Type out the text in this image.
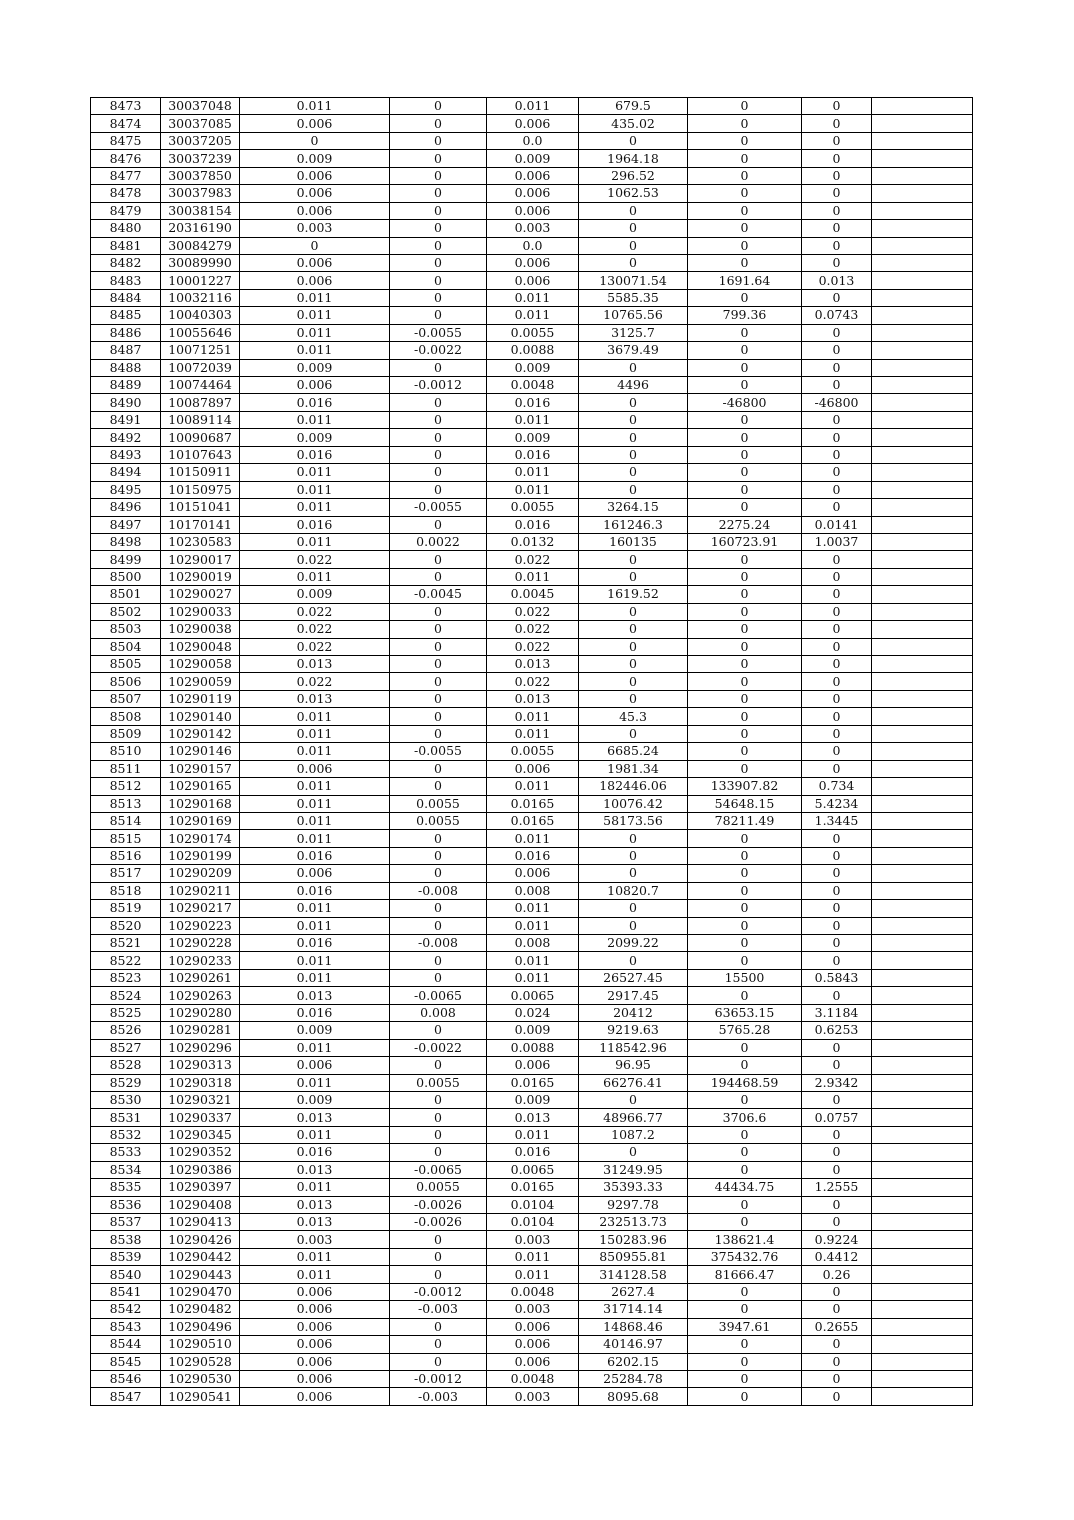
8473	30037048	0.011	0	0.011	679.5	0	0	
8474	30037085	0.006	0	0.006	435.02	0	0	
8475	30037205	0	0	0.0	0	0	0	
8476	30037239	0.009	0	0.009	1964.18	0	0	
8477	30037850	0.006	0	0.006	296.52	0	0	
8478	30037983	0.006	0	0.006	1062.53	0	0	
8479	30038154	0.006	0	0.006	0	0	0	
8480	20316190	0.003	0	0.003	0	0	0	
8481	30084279	0	0	0.0	0	0	0	
8482	30089990	0.006	0	0.006	0	0	0	
8483	10001227	0.006	0	0.006	130071.54	1691.64	0.013	
8484	10032116	0.011	0	0.011	5585.35	0	0	
8485	10040303	0.011	0	0.011	10765.56	799.36	0.0743	
8486	10055646	0.011	-0.0055	0.0055	3125.7	0	0	
8487	10071251	0.011	-0.0022	0.0088	3679.49	0	0	
8488	10072039	0.009	0	0.009	0	0	0	
8489	10074464	0.006	-0.0012	0.0048	4496	0	0	
8490	10087897	0.016	0	0.016	0	-46800	-46800	
8491	10089114	0.011	0	0.011	0	0	0	
8492	10090687	0.009	0	0.009	0	0	0	
8493	10107643	0.016	0	0.016	0	0	0	
8494	10150911	0.011	0	0.011	0	0	0	
8495	10150975	0.011	0	0.011	0	0	0	
8496	10151041	0.011	-0.0055	0.0055	3264.15	0	0	
8497	10170141	0.016	0	0.016	161246.3	2275.24	0.0141	
8498	10230583	0.011	0.0022	0.0132	160135	160723.91	1.0037	
8499	10290017	0.022	0	0.022	0	0	0	
8500	10290019	0.011	0	0.011	0	0	0	
8501	10290027	0.009	-0.0045	0.0045	1619.52	0	0	
8502	10290033	0.022	0	0.022	0	0	0	
8503	10290038	0.022	0	0.022	0	0	0	
8504	10290048	0.022	0	0.022	0	0	0	
8505	10290058	0.013	0	0.013	0	0	0	
8506	10290059	0.022	0	0.022	0	0	0	
8507	10290119	0.013	0	0.013	0	0	0	
8508	10290140	0.011	0	0.011	45.3	0	0	
8509	10290142	0.011	0	0.011	0	0	0	
8510	10290146	0.011	-0.0055	0.0055	6685.24	0	0	
8511	10290157	0.006	0	0.006	1981.34	0	0	
8512	10290165	0.011	0	0.011	182446.06	133907.82	0.734	
8513	10290168	0.011	0.0055	0.0165	10076.42	54648.15	5.4234	
8514	10290169	0.011	0.0055	0.0165	58173.56	78211.49	1.3445	
8515	10290174	0.011	0	0.011	0	0	0	
8516	10290199	0.016	0	0.016	0	0	0	
8517	10290209	0.006	0	0.006	0	0	0	
8518	10290211	0.016	-0.008	0.008	10820.7	0	0	
8519	10290217	0.011	0	0.011	0	0	0	
8520	10290223	0.011	0	0.011	0	0	0	
8521	10290228	0.016	-0.008	0.008	2099.22	0	0	
8522	10290233	0.011	0	0.011	0	0	0	
8523	10290261	0.011	0	0.011	26527.45	15500	0.5843	
8524	10290263	0.013	-0.0065	0.0065	2917.45	0	0	
8525	10290280	0.016	0.008	0.024	20412	63653.15	3.1184	
8526	10290281	0.009	0	0.009	9219.63	5765.28	0.6253	
8527	10290296	0.011	-0.0022	0.0088	118542.96	0	0	
8528	10290313	0.006	0	0.006	96.95	0	0	
8529	10290318	0.011	0.0055	0.0165	66276.41	194468.59	2.9342	
8530	10290321	0.009	0	0.009	0	0	0	
8531	10290337	0.013	0	0.013	48966.77	3706.6	0.0757	
8532	10290345	0.011	0	0.011	1087.2	0	0	
8533	10290352	0.016	0	0.016	0	0	0	
8534	10290386	0.013	-0.0065	0.0065	31249.95	0	0	
8535	10290397	0.011	0.0055	0.0165	35393.33	44434.75	1.2555	
8536	10290408	0.013	-0.0026	0.0104	9297.78	0	0	
8537	10290413	0.013	-0.0026	0.0104	232513.73	0	0	
8538	10290426	0.003	0	0.003	150283.96	138621.4	0.9224	
8539	10290442	0.011	0	0.011	850955.81	375432.76	0.4412	
8540	10290443	0.011	0	0.011	314128.58	81666.47	0.26	
8541	10290470	0.006	-0.0012	0.0048	2627.4	0	0	
8542	10290482	0.006	-0.003	0.003	31714.14	0	0	
8543	10290496	0.006	0	0.006	14868.46	3947.61	0.2655	
8544	10290510	0.006	0	0.006	40146.97	0	0	
8545	10290528	0.006	0	0.006	6202.15	0	0	
8546	10290530	0.006	-0.0012	0.0048	25284.78	0	0	
8547	10290541	0.006	-0.003	0.003	8095.68	0	0	
